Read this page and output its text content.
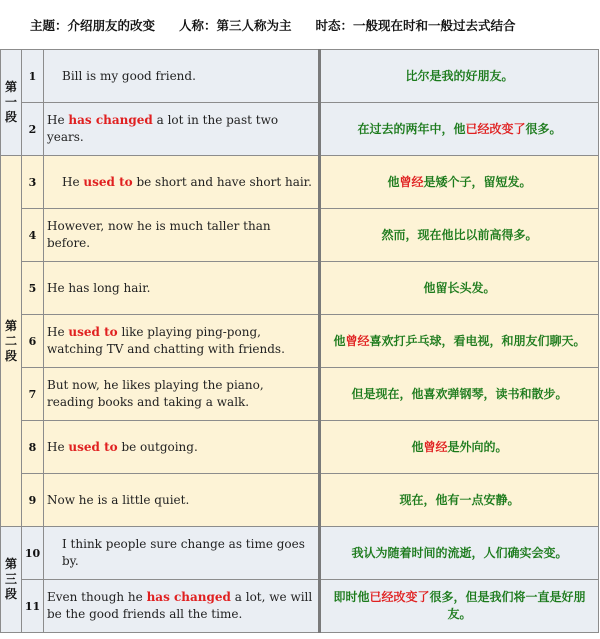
主题：介绍朋友的改变 人称：第三人称为主 时态：一般现在时和一般过去式结合
第
一
段	1	Bill is my good friend.	比尔是我的好朋友。
	2	He has changed a lot in the past two years.	在过去的两年中，他已经改变了很多。

第
二
段	3	He used to be short and have short hair.	他曾经是矮个子，留短发。
	4	However, now he is much taller than before.	然而，现在他比以前高得多。
	5	He has long hair.	他留长头发。
	6	He used to like playing ping-pong, watching TV and chatting with friends.	他曾经喜欢打乒乓球，看电视，和朋友们聊天。
	7	But now, he likes playing the piano, reading books and taking a walk.	但是现在，他喜欢弹钢琴，读书和散步。
	8	He used to be outgoing.	他曾经是外向的。
	9	Now he is a little quiet.	现在，他有一点安静。

第
三
段	10	I think people sure change as time goes by.	我认为随着时间的流逝，人们确实会变。
	11	Even though he has changed a lot, we will be the good friends all the time.	即时他已经改变了很多，但是我们将一直是好朋友。
